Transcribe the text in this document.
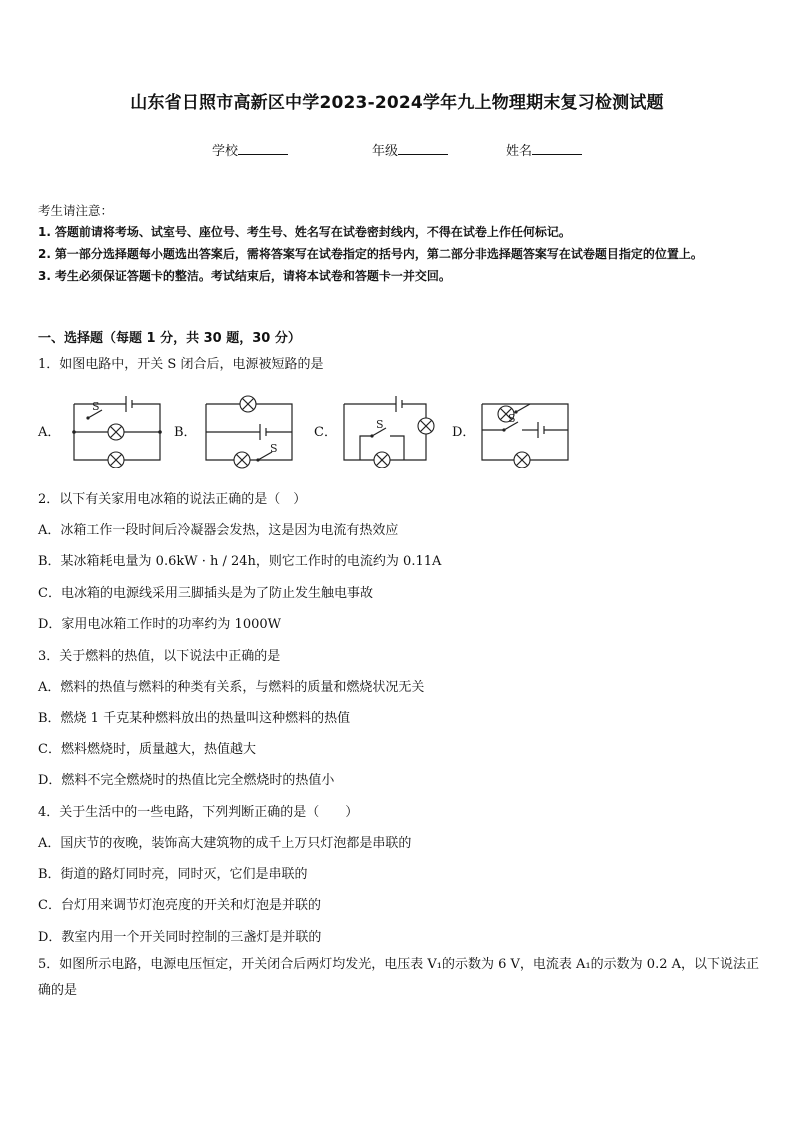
山东省日照市高新区中学2023-2024学年九上物理期末复习检测试题
学校	年级	姓名
考生请注意：
1. 答题前请将考场、试室号、座位号、考生号、姓名写在试卷密封线内，不得在试卷上作任何标记。
2. 第一部分选择题每小题选出答案后，需将答案写在试卷指定的括号内，第二部分非选择题答案写在试卷题目指定的位置上。
3. 考生必须保证答题卡的整洁。考试结束后，请将本试卷和答题卡一并交回。
一、选择题（每题 1 分，共 30 题，30 分）
1．如图电路中，开关 S 闭合后，电源被短路的是
A．
S
B．
S
C．
S
D．
S
2．以下有关家用电冰箱的说法正确的是（　）
A．冰箱工作一段时间后冷凝器会发热，这是因为电流有热效应
B．某冰箱耗电量为 0.6kW · h / 24h，则它工作时的电流约为 0.11A
C．电冰箱的电源线采用三脚插头是为了防止发生触电事故
D．家用电冰箱工作时的功率约为 1000W
3．关于燃料的热值，以下说法中正确的是
A．燃料的热值与燃料的种类有关系，与燃料的质量和燃烧状况无关
B．燃烧 1 千克某种燃料放出的热量叫这种燃料的热值
C．燃料燃烧时，质量越大，热值越大
D．燃料不完全燃烧时的热值比完全燃烧时的热值小
4．关于生活中的一些电路，下列判断正确的是（　　）
A．国庆节的夜晚，装饰高大建筑物的成千上万只灯泡都是串联的
B．街道的路灯同时亮，同时灭，它们是串联的
C．台灯用来调节灯泡亮度的开关和灯泡是并联的
D．教室内用一个开关同时控制的三盏灯是并联的
5．如图所示电路，电源电压恒定，开关闭合后两灯均发光，电压表 V₁的示数为 6 V，电流表 A₁的示数为 0.2 A，以下说法正确的是
